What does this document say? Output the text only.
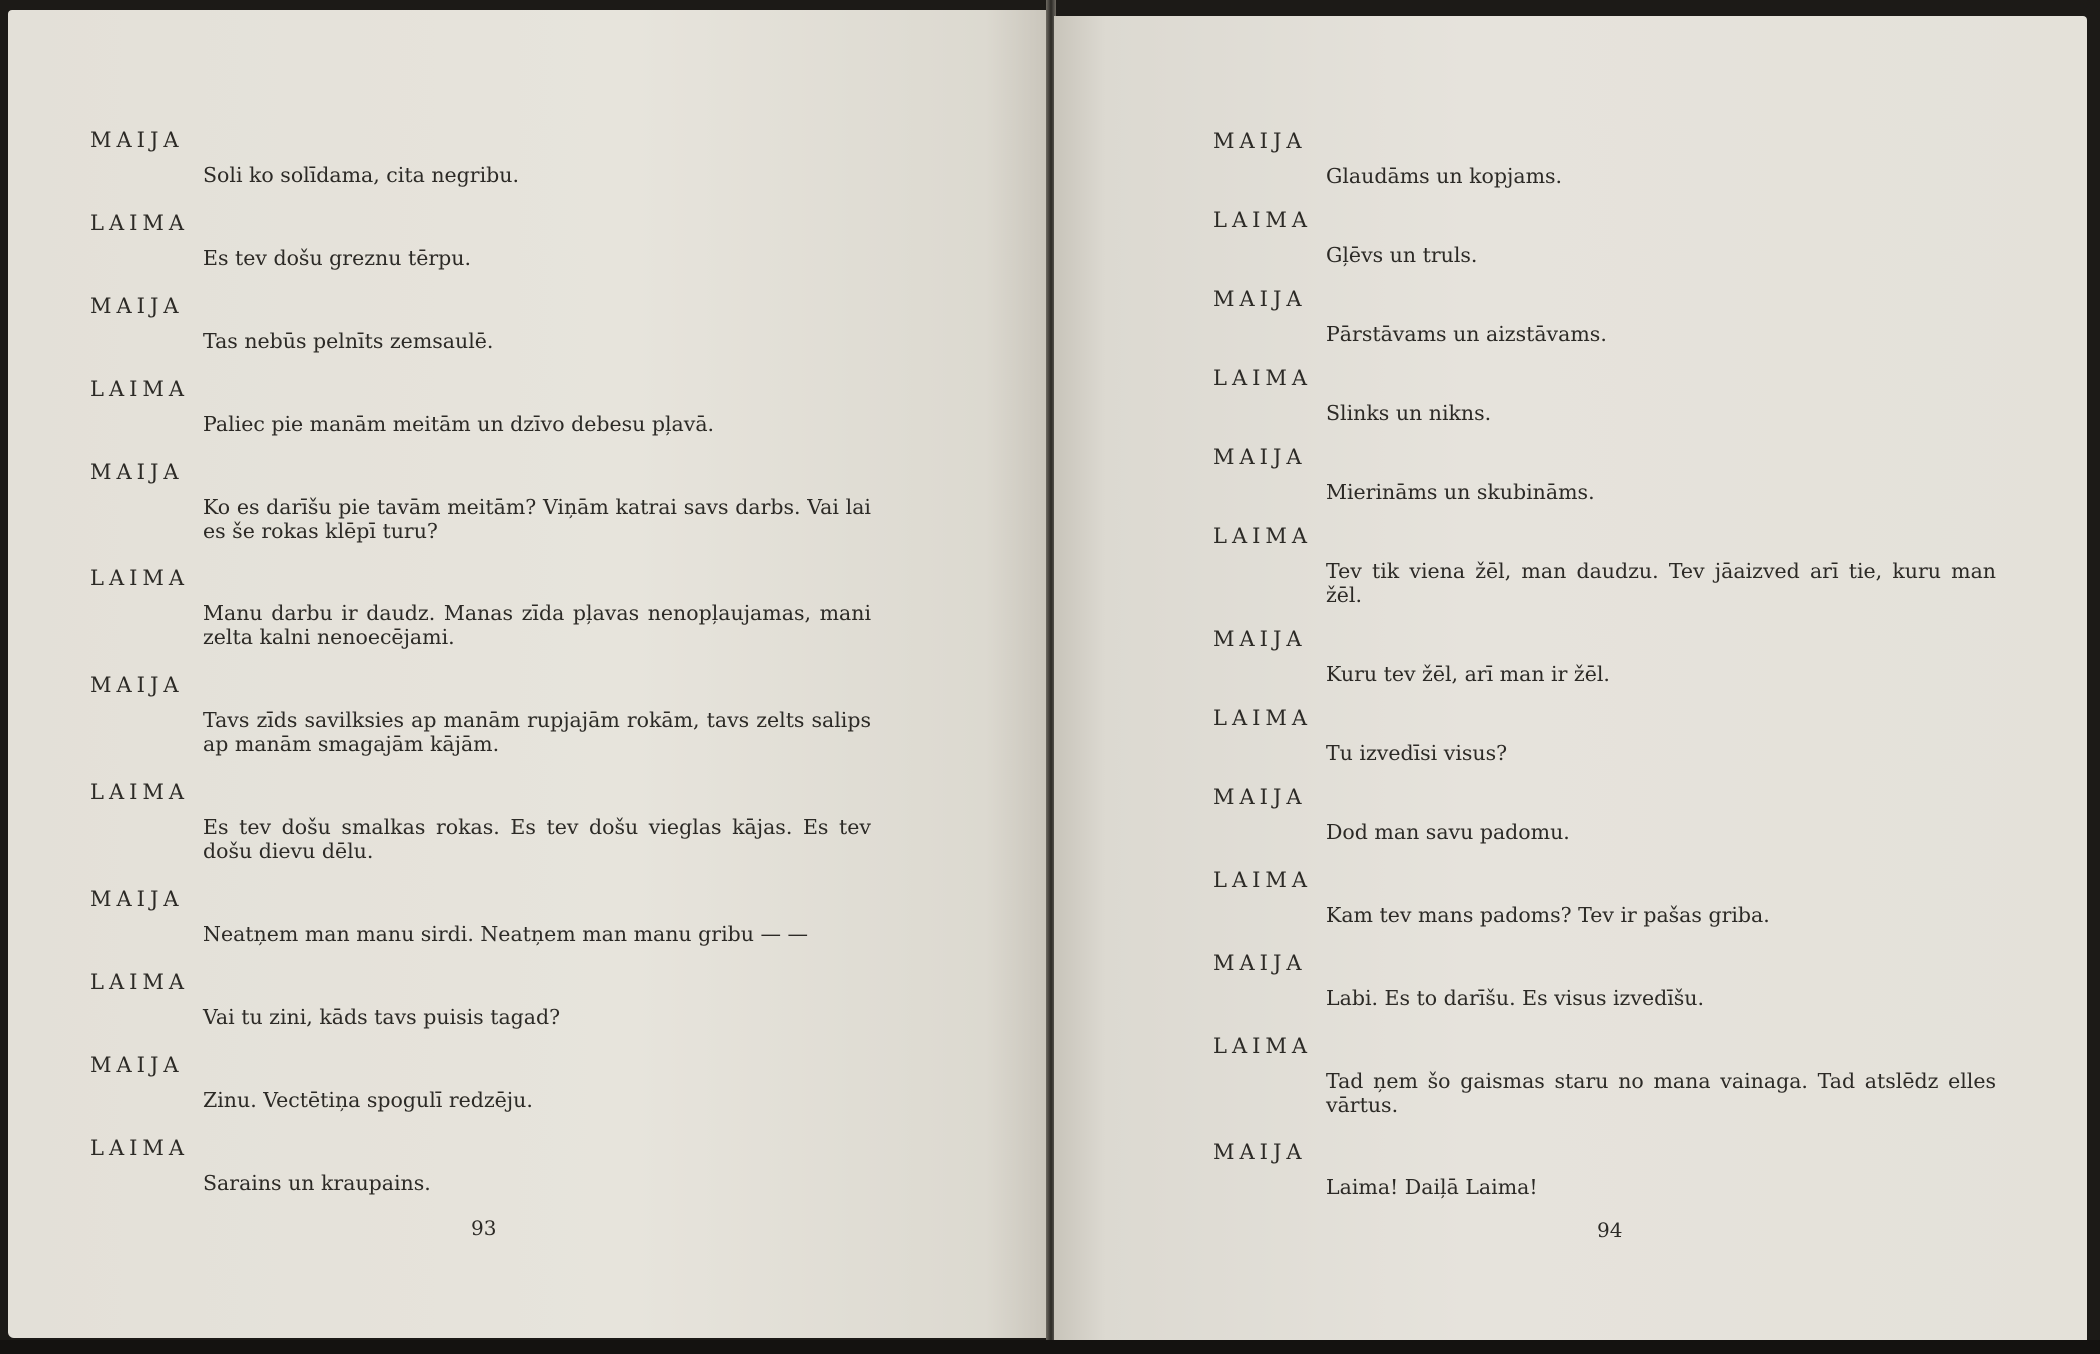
MAIJA
Soli ko solīdama, cita negribu.
LAIMA
Es tev došu greznu tērpu.
MAIJA
Tas nebūs pelnīts zemsaulē.
LAIMA
Paliec pie manām meitām un dzīvo debesu pļavā.
MAIJA
Ko es darīšu pie tavām meitām? Viņām katrai savs darbs. Vai lai es še rokas klēpī turu?
LAIMA
Manu darbu ir daudz. Manas zīda pļavas nenopļaujamas, mani zelta kalni nenoecējami.
MAIJA
Tavs zīds savilksies ap manām rupjajām rokām, tavs zelts salips ap manām smagajām kājām.
LAIMA
Es tev došu smalkas rokas. Es tev došu vieglas kājas. Es tev došu dievu dēlu.
MAIJA
Neatņem man manu sirdi. Neatņem man manu gribu — —
LAIMA
Vai tu zini, kāds tavs puisis tagad?
MAIJA
Zinu. Vectētiņa spogulī redzēju.
LAIMA
Sarains un kraupains.
93
MAIJA
Glaudāms un kopjams.
LAIMA
Gļēvs un truls.
MAIJA
Pārstāvams un aizstāvams.
LAIMA
Slinks un nikns.
MAIJA
Mierināms un skubināms.
LAIMA
Tev tik viena žēl, man daudzu. Tev jāaizved arī tie, kuru man žēl.
MAIJA
Kuru tev žēl, arī man ir žēl.
LAIMA
Tu izvedīsi visus?
MAIJA
Dod man savu padomu.
LAIMA
Kam tev mans padoms? Tev ir pašas griba.
MAIJA
Labi. Es to darīšu. Es visus izvedīšu.
LAIMA
Tad ņem šo gaismas staru no mana vainaga. Tad atslēdz elles vārtus.
MAIJA
Laima! Daiļā Laima!
94
